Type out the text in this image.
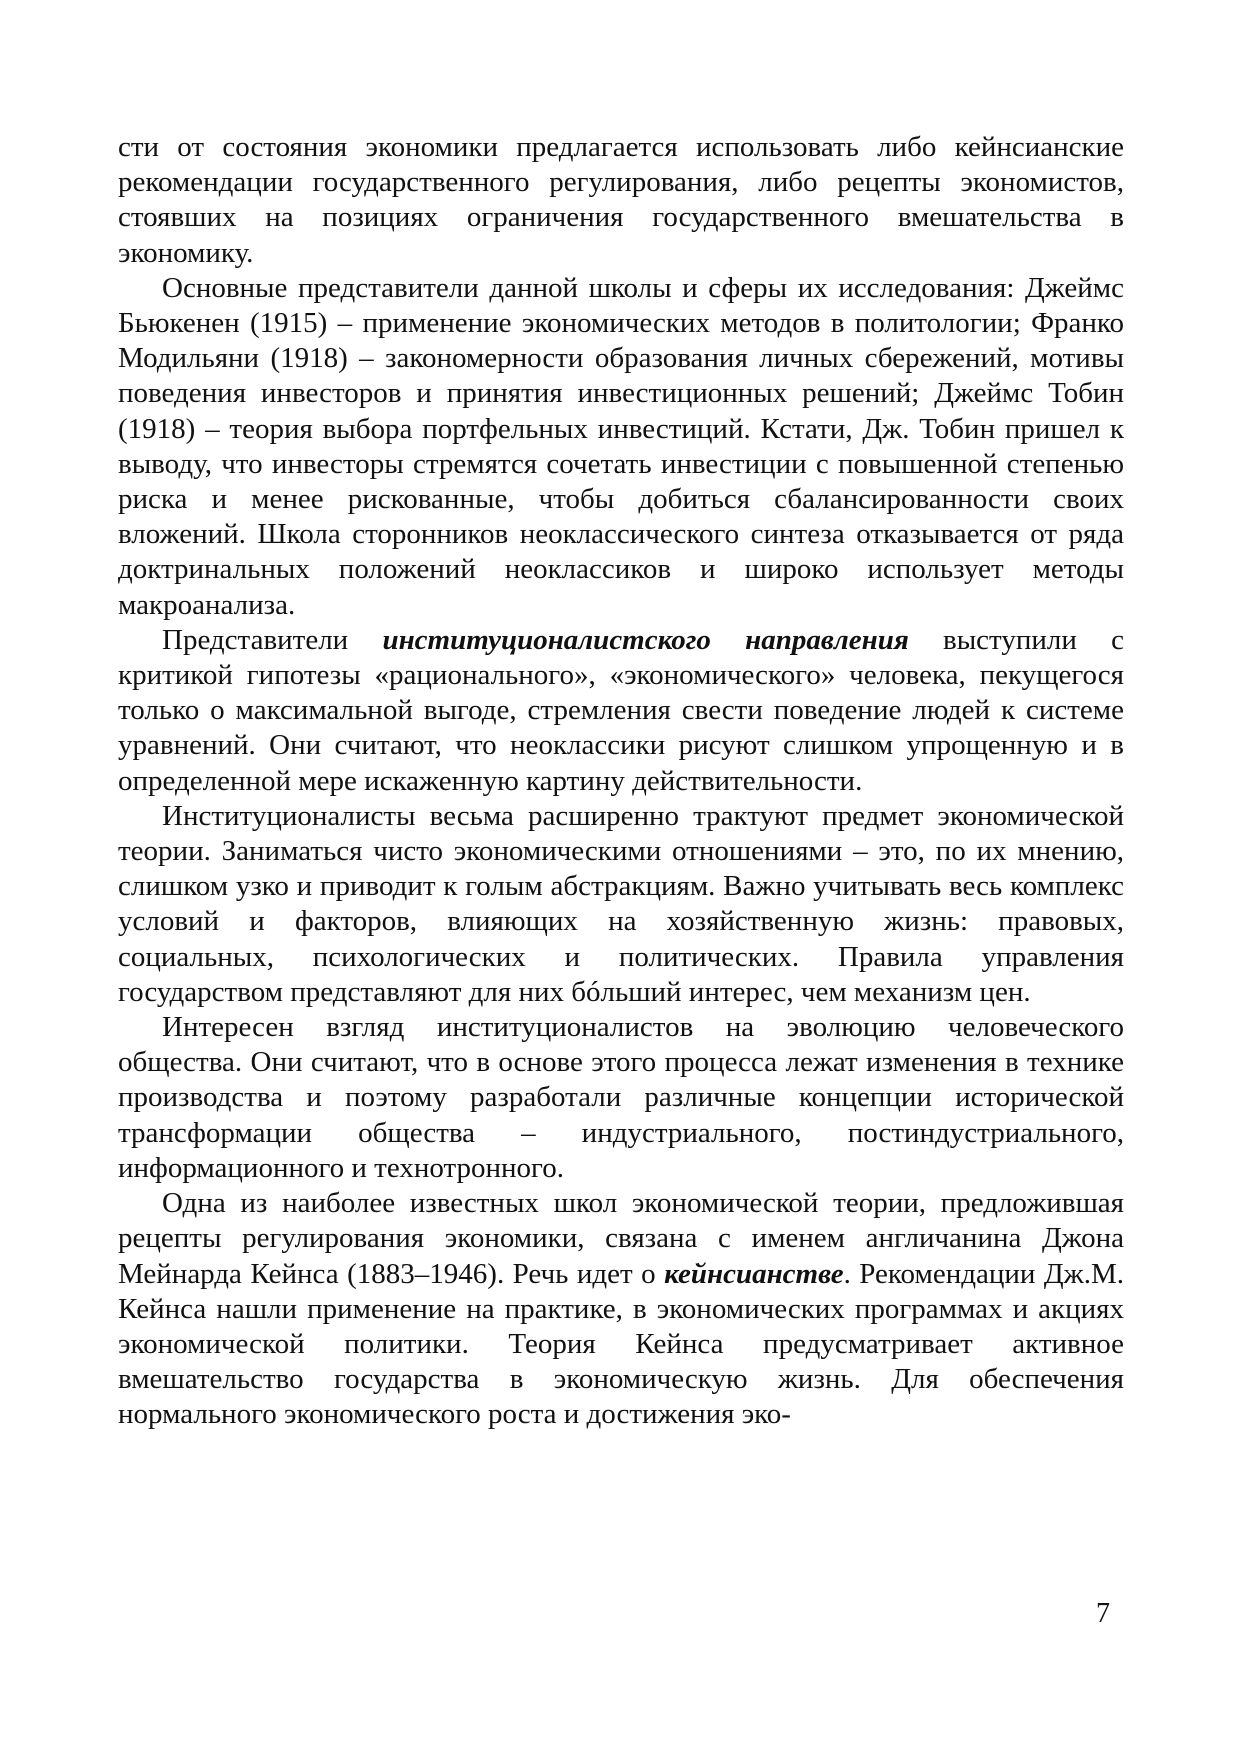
сти от состояния экономики предлагается использовать либо кейнсианские рекомендации государственного регулирования, либо рецепты экономистов, стоявших на позициях ограничения государственного вмешательства в экономику.

Основные представители данной школы и сферы их исследования: Джеймс Бьюкенен (1915) – применение экономических методов в политологии; Франко Модильяни (1918) – закономерности образования личных сбережений, мотивы поведения инвесторов и принятия инвестиционных решений; Джеймс Тобин (1918) – теория выбора портфельных инвестиций. Кстати, Дж. Тобин пришел к выводу, что инвесторы стремятся сочетать инвестиции с повышенной степенью риска и менее рискованные, чтобы добиться сбалансированности своих вложений. Школа сторонников неоклассического синтеза отказывается от ряда доктринальных положений неоклассиков и широко использует методы макроанализа.

Представители институционалистского направления выступили с критикой гипотезы «рационального», «экономического» человека, пекущегося только о максимальной выгоде, стремления свести поведение людей к системе уравнений. Они считают, что неоклассики рисуют слишком упрощенную и в определенной мере искаженную картину действительности.

Институционалисты весьма расширенно трактуют предмет экономической теории. Заниматься чисто экономическими отношениями – это, по их мнению, слишком узко и приводит к голым абстракциям. Важно учитывать весь комплекс условий и факторов, влияющих на хозяйственную жизнь: правовых, социальных, психологических и политических. Правила управления государством представляют для них бóльший интерес, чем механизм цен.

Интересен взгляд институционалистов на эволюцию человеческого общества. Они считают, что в основе этого процесса лежат изменения в технике производства и поэтому разработали различные концепции исторической трансформации общества – индустриального, постиндустриального, информационного и технотронного.

Одна из наиболее известных школ экономической теории, предложившая рецепты регулирования экономики, связана с именем англичанина Джона Мейнарда Кейнса (1883–1946). Речь идет о кейнсианстве. Рекомендации Дж.М. Кейнса нашли применение на практике, в экономических программах и акциях экономической политики. Теория Кейнса предусматривает активное вмешательство государства в экономическую жизнь. Для обеспечения нормального экономического роста и достижения эко-

7
